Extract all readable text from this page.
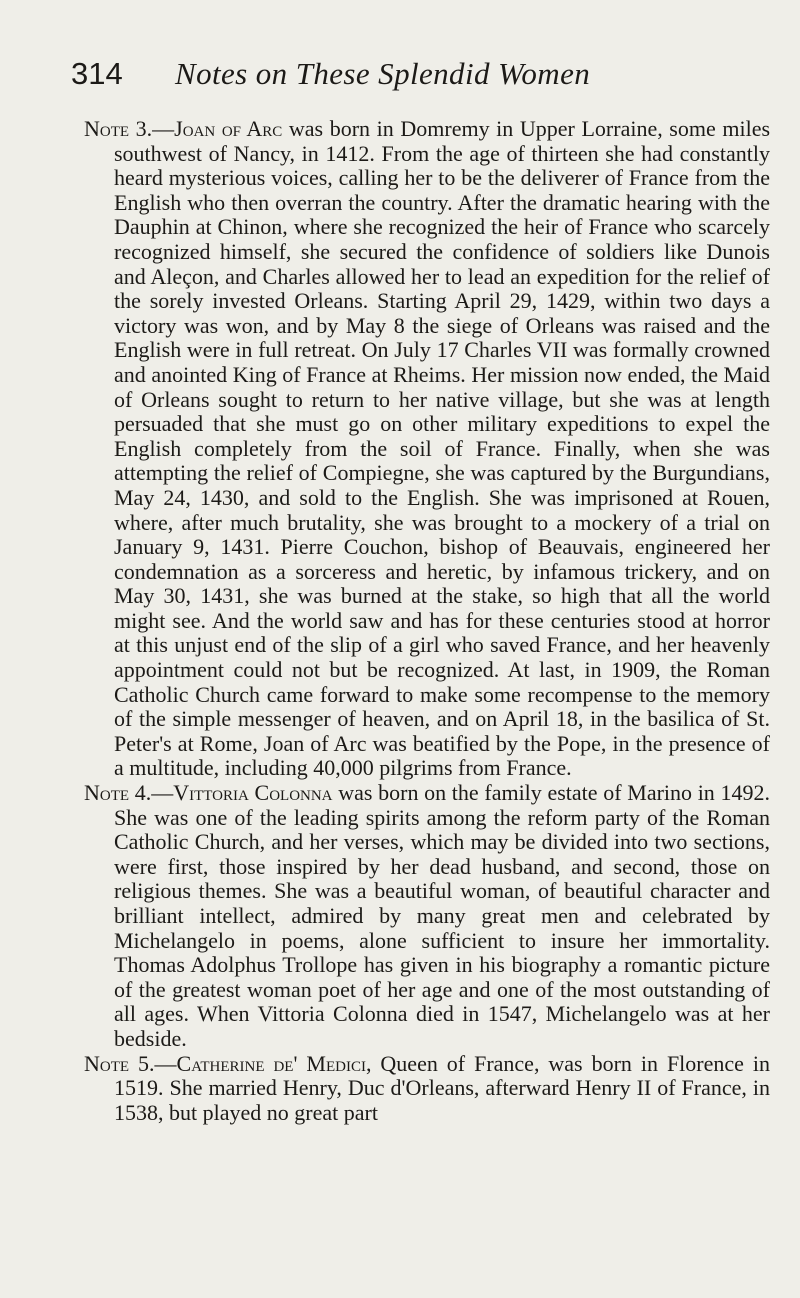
314	Notes on These Splendid Women

Note 3.—Joan of Arc was born in Domremy in Upper Lorraine, some miles southwest of Nancy, in 1412. From the age of thirteen she had constantly heard mysterious voices, calling her to be the deliverer of France from the English who then overran the country. After the dramatic hearing with the Dauphin at Chinon, where she recognized the heir of France who scarcely recognized himself, she secured the confidence of soldiers like Dunois and Aleçon, and Charles allowed her to lead an expedition for the relief of the sorely invested Orleans. Starting April 29, 1429, within two days a victory was won, and by May 8 the siege of Orleans was raised and the English were in full retreat. On July 17 Charles VII was formally crowned and anointed King of France at Rheims. Her mission now ended, the Maid of Orleans sought to return to her native village, but she was at length persuaded that she must go on other military expeditions to expel the English completely from the soil of France. Finally, when she was attempting the relief of Compiegne, she was captured by the Burgundians, May 24, 1430, and sold to the English. She was imprisoned at Rouen, where, after much brutality, she was brought to a mockery of a trial on January 9, 1431. Pierre Couchon, bishop of Beauvais, engineered her condemnation as a sorceress and heretic, by infamous trickery, and on May 30, 1431, she was burned at the stake, so high that all the world might see. And the world saw and has for these centuries stood at horror at this unjust end of the slip of a girl who saved France, and her heavenly appointment could not but be recognized. At last, in 1909, the Roman Catholic Church came forward to make some recompense to the memory of the simple messenger of heaven, and on April 18, in the basilica of St. Peter's at Rome, Joan of Arc was beatified by the Pope, in the presence of a multitude, including 40,000 pilgrims from France.

Note 4.—Vittoria Colonna was born on the family estate of Marino in 1492. She was one of the leading spirits among the reform party of the Roman Catholic Church, and her verses, which may be divided into two sections, were first, those inspired by her dead husband, and second, those on religious themes. She was a beautiful woman, of beautiful character and brilliant intellect, admired by many great men and celebrated by Michelangelo in poems, alone sufficient to insure her immortality. Thomas Adolphus Trollope has given in his biography a romantic picture of the greatest woman poet of her age and one of the most outstanding of all ages. When Vittoria Colonna died in 1547, Michelangelo was at her bedside.

Note 5.—Catherine de' Medici, Queen of France, was born in Florence in 1519. She married Henry, Duc d'Orleans, afterward Henry II of France, in 1538, but played no great part
